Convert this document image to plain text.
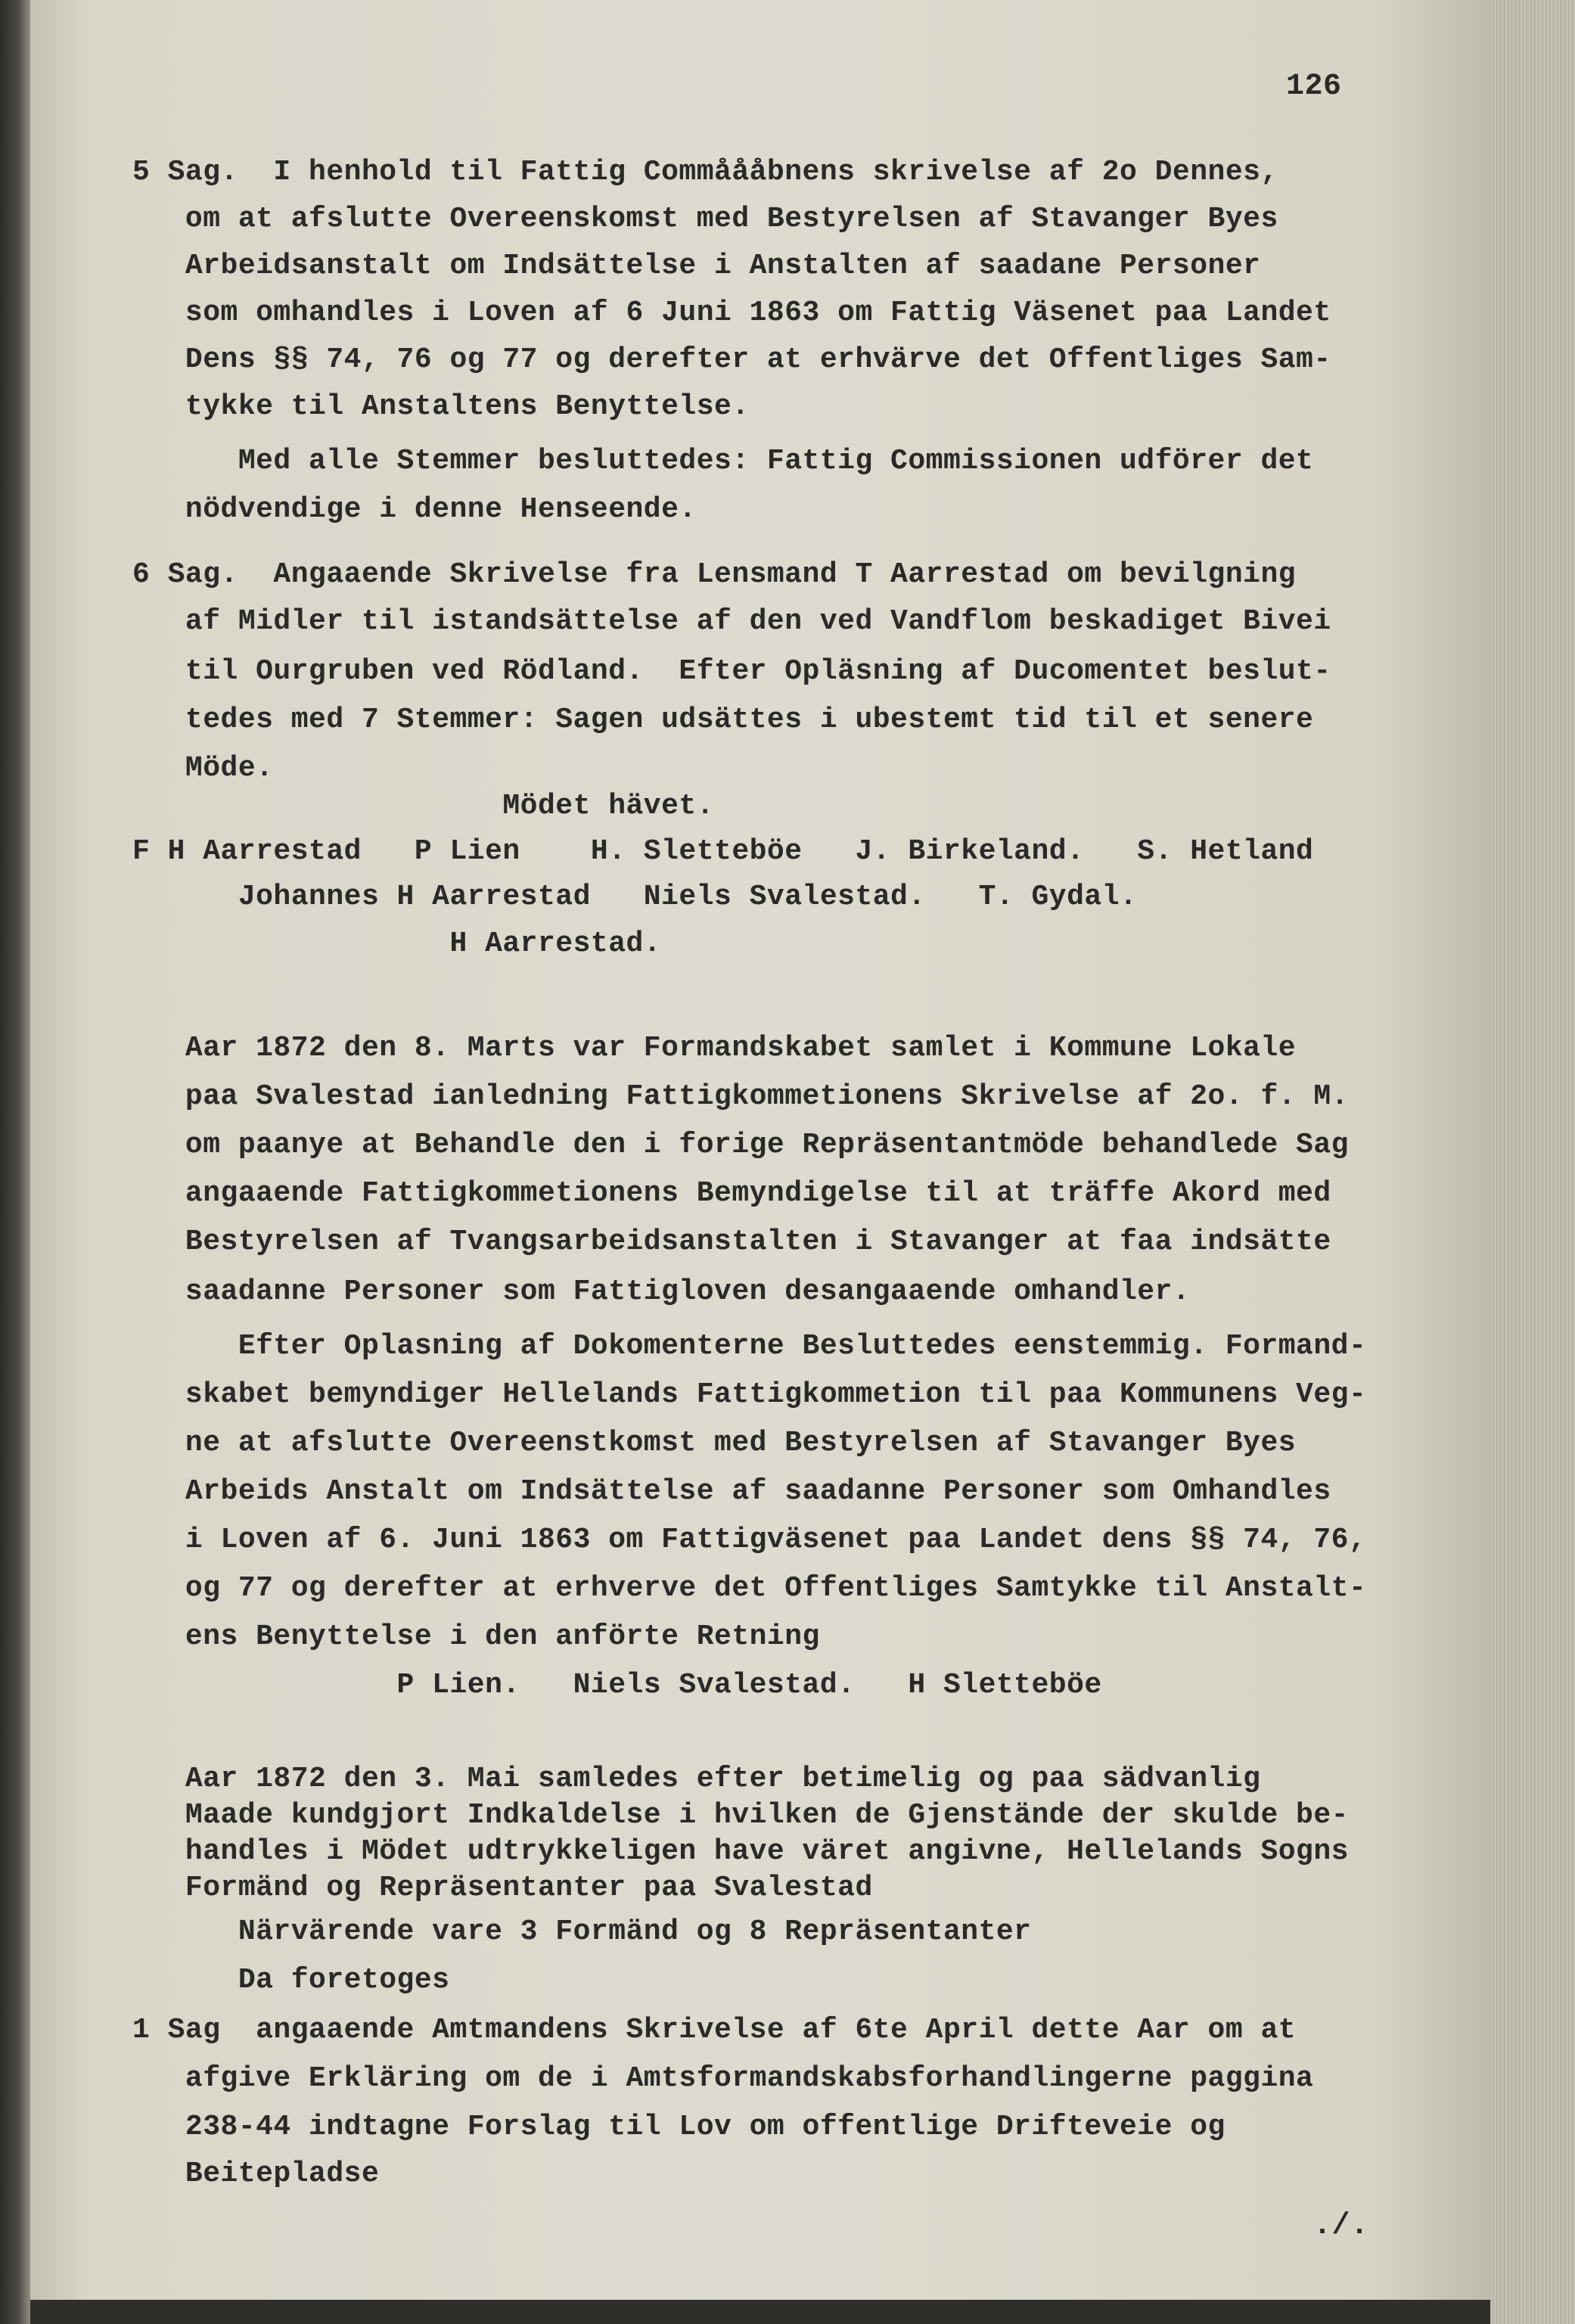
126
5 Sag.  I henhold til Fattig Commåååbnens skrivelse af 2o Dennes,
om at afslutte Overeenskomst med Bestyrelsen af Stavanger Byes
Arbeidsanstalt om Indsättelse i Anstalten af saadane Personer
som omhandles i Loven af 6 Juni 1863 om Fattig Väsenet paa Landet
Dens §§ 74, 76 og 77 og derefter at erhvärve det Offentliges Sam-
tykke til Anstaltens Benyttelse.
Med alle Stemmer besluttedes: Fattig Commissionen udförer det
nödvendige i denne Henseende.
6 Sag.  Angaaende Skrivelse fra Lensmand T Aarrestad om bevilgning
af Midler til istandsättelse af den ved Vandflom beskadiget Bivei
til Ourgruben ved Rödland.  Efter Opläsning af Ducomentet beslut-
tedes med 7 Stemmer: Sagen udsättes i ubestemt tid til et senere
Möde.
Mödet hävet.
F H Aarrestad   P Lien    H. Sletteböe   J. Birkeland.   S. Hetland
Johannes H Aarrestad   Niels Svalestad.   T. Gydal.
H Aarrestad.
Aar 1872 den 8. Marts var Formandskabet samlet i Kommune Lokale
paa Svalestad ianledning Fattigkommetionens Skrivelse af 2o. f. M.
om paanye at Behandle den i forige Repräsentantmöde behandlede Sag
angaaende Fattigkommetionens Bemyndigelse til at träffe Akord med
Bestyrelsen af Tvangsarbeidsanstalten i Stavanger at faa indsätte
saadanne Personer som Fattigloven desangaaende omhandler.
Efter Oplasning af Dokomenterne Besluttedes eenstemmig. Formand-
skabet bemyndiger Hellelands Fattigkommetion til paa Kommunens Veg-
ne at afslutte Overeenstkomst med Bestyrelsen af Stavanger Byes
Arbeids Anstalt om Indsättelse af saadanne Personer som Omhandles
i Loven af 6. Juni 1863 om Fattigväsenet paa Landet dens §§ 74, 76,
og 77 og derefter at erhverve det Offentliges Samtykke til Anstalt-
ens Benyttelse i den anförte Retning
P Lien.   Niels Svalestad.   H Sletteböe
Aar 1872 den 3. Mai samledes efter betimelig og paa sädvanlig
Maade kundgjort Indkaldelse i hvilken de Gjenstände der skulde be-
handles i Mödet udtrykkeligen have väret angivne, Hellelands Sogns
Formänd og Repräsentanter paa Svalestad
Närvärende vare 3 Formänd og 8 Repräsentanter
Da foretoges
1 Sag  angaaende Amtmandens Skrivelse af 6te April dette Aar om at
afgive Erkläring om de i Amtsformandskabsforhandlingerne paggina
238-44 indtagne Forslag til Lov om offentlige Drifteveie og
Beitepladse
./.
